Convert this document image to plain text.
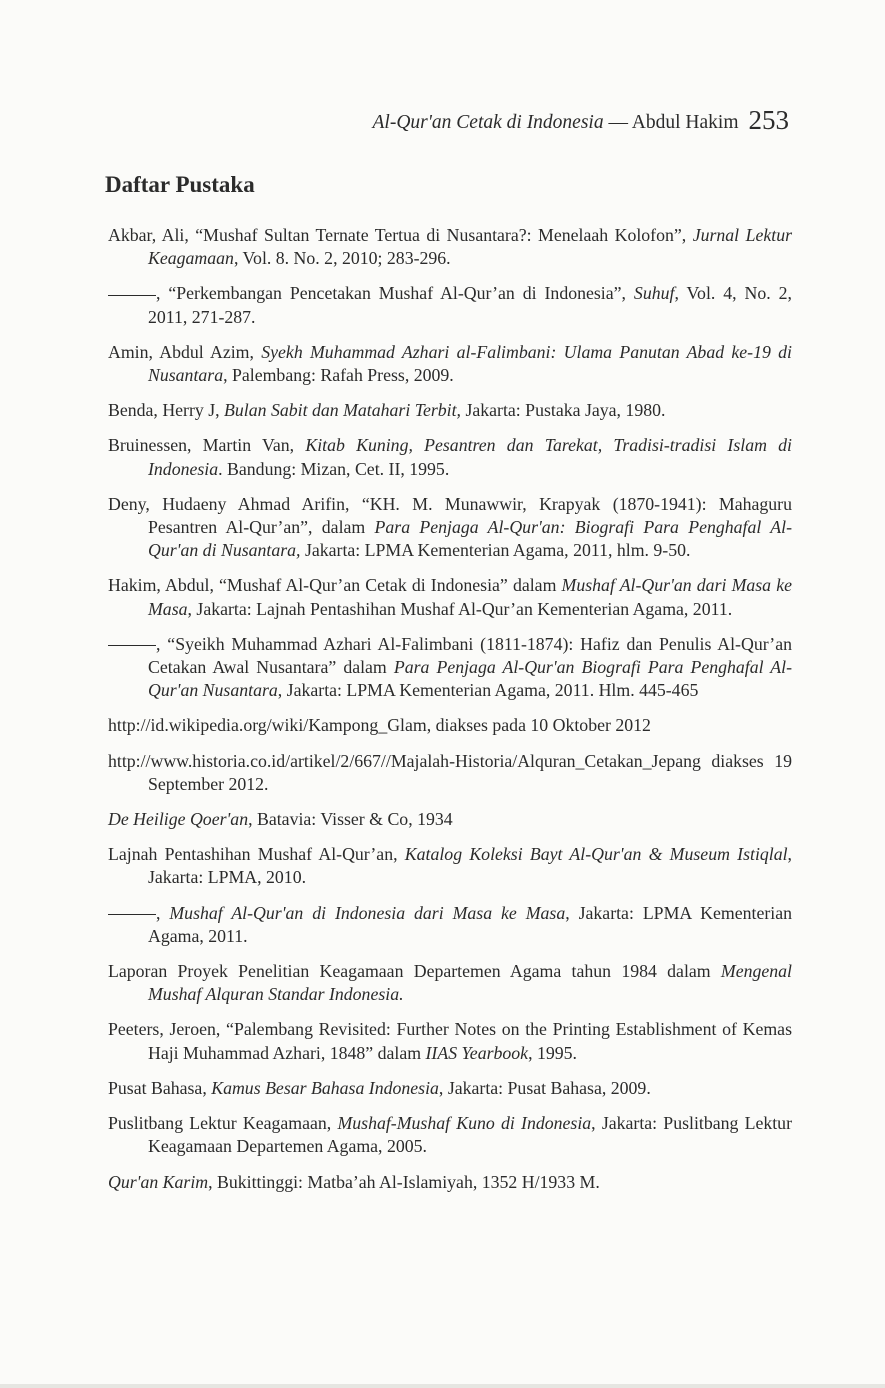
Al-Qur'an Cetak di Indonesia — Abdul Hakim 253
Daftar Pustaka

Akbar, Ali, “Mushaf Sultan Ternate Tertua di Nusantara?: Menelaah Kolofon”, Jurnal Lektur Keagamaan, Vol. 8. No. 2, 2010; 283-296.

, “Perkembangan Pencetakan Mushaf Al-Qur’an di Indonesia”, Suhuf, Vol. 4, No. 2, 2011, 271-287.

Amin, Abdul Azim, Syekh Muhammad Azhari al-Falimbani: Ulama Panutan Abad ke-19 di Nusantara, Palembang: Rafah Press, 2009.

Benda, Herry J, Bulan Sabit dan Matahari Terbit, Jakarta: Pustaka Jaya, 1980.

Bruinessen, Martin Van, Kitab Kuning, Pesantren dan Tarekat, Tradisi-tradisi Islam di Indonesia. Bandung: Mizan, Cet. II, 1995.

Deny, Hudaeny Ahmad Arifin, “KH. M. Munawwir, Krapyak (1870-1941): Mahaguru Pesantren Al-Qur’an”, dalam Para Penjaga Al-Qur'an: Biografi Para Penghafal Al-Qur'an di Nusantara, Jakarta: LPMA Kementerian Agama, 2011, hlm. 9-50.

Hakim, Abdul, “Mushaf Al-Qur’an Cetak di Indonesia” dalam Mushaf Al-Qur'an dari Masa ke Masa, Jakarta: Lajnah Pentashihan Mushaf Al-Qur’an Kementerian Agama, 2011.

, “Syeikh Muhammad Azhari Al-Falimbani (1811-1874): Hafiz dan Penulis Al-Qur’an Cetakan Awal Nusantara” dalam Para Penjaga Al-Qur'an Biografi Para Penghafal Al-Qur'an Nusantara, Jakarta: LPMA Kementerian Agama, 2011. Hlm. 445-465

http://id.wikipedia.org/wiki/Kampong_Glam, diakses pada 10 Oktober 2012

http://www.historia.co.id/artikel/2/667//Majalah-Historia/Alquran_Cetakan_Jepang diakses 19 September 2012.

De Heilige Qoer'an, Batavia: Visser & Co, 1934

Lajnah Pentashihan Mushaf Al-Qur’an, Katalog Koleksi Bayt Al-Qur'an & Museum Istiqlal, Jakarta: LPMA, 2010.

, Mushaf Al-Qur'an di Indonesia dari Masa ke Masa, Jakarta: LPMA Kementerian Agama, 2011.

Laporan Proyek Penelitian Keagamaan Departemen Agama tahun 1984 dalam Mengenal Mushaf Alquran Standar Indonesia.

Peeters, Jeroen, “Palembang Revisited: Further Notes on the Printing Establishment of Kemas Haji Muhammad Azhari, 1848” dalam IIAS Yearbook, 1995.

Pusat Bahasa, Kamus Besar Bahasa Indonesia, Jakarta: Pusat Bahasa, 2009.

Puslitbang Lektur Keagamaan, Mushaf-Mushaf Kuno di Indonesia, Jakarta: Puslitbang Lektur Keagamaan Departemen Agama, 2005.

Qur'an Karim, Bukittinggi: Matba’ah Al-Islamiyah, 1352 H/1933 M.
